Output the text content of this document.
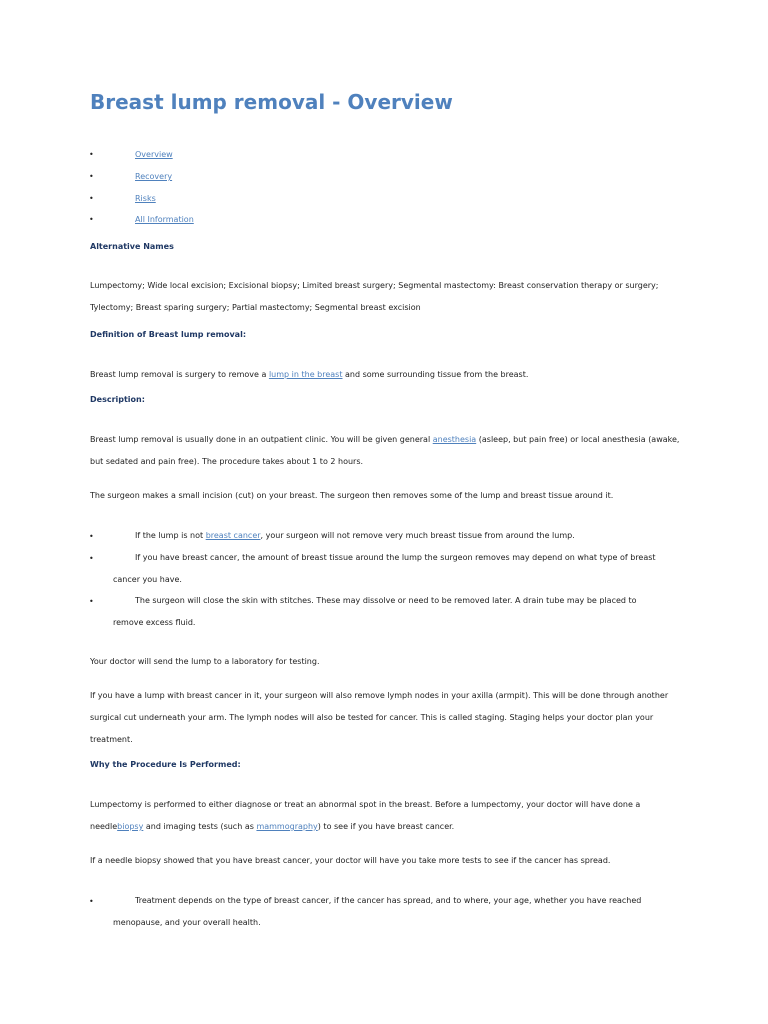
Breast lump removal - Overview
•	Overview
•	Recovery
•	Risks
•	All Information
Alternative Names

Lumpectomy; Wide local excision; Excisional biopsy; Limited breast surgery; Segmental mastectomy: Breast conservation therapy or surgery; Tylectomy; Breast sparing surgery; Partial mastectomy; Segmental breast excision

Definition of Breast lump removal:

Breast lump removal is surgery to remove a lump in the breast and some surrounding tissue from the breast.

Description:

Breast lump removal is usually done in an outpatient clinic. You will be given general anesthesia (asleep, but pain free) or local anesthesia (awake, but sedated and pain free). The procedure takes about 1 to 2 hours.

The surgeon makes a small incision (cut) on your breast. The surgeon then removes some of the lump and breast tissue around it.

•	If the lump is not breast cancer, your surgeon will not remove very much breast tissue from around the lump.

•	If you have breast cancer, the amount of breast tissue around the lump the surgeon removes may depend on what type of breast cancer you have.

•	The surgeon will close the skin with stitches. These may dissolve or need to be removed later. A drain tube may be placed to remove excess fluid.

Your doctor will send the lump to a laboratory for testing.

If you have a lump with breast cancer in it, your surgeon will also remove lymph nodes in your axilla (armpit). This will be done through another surgical cut underneath your arm. The lymph nodes will also be tested for cancer. This is called staging. Staging helps your doctor plan your treatment.

Why the Procedure Is Performed:

Lumpectomy is performed to either diagnose or treat an abnormal spot in the breast. Before a lumpectomy, your doctor will have done a needlebiopsy and imaging tests (such as mammography) to see if you have breast cancer.

If a needle biopsy showed that you have breast cancer, your doctor will have you take more tests to see if the cancer has spread.

•	Treatment depends on the type of breast cancer, if the cancer has spread, and to where, your age, whether you have reached menopause, and your overall health.
